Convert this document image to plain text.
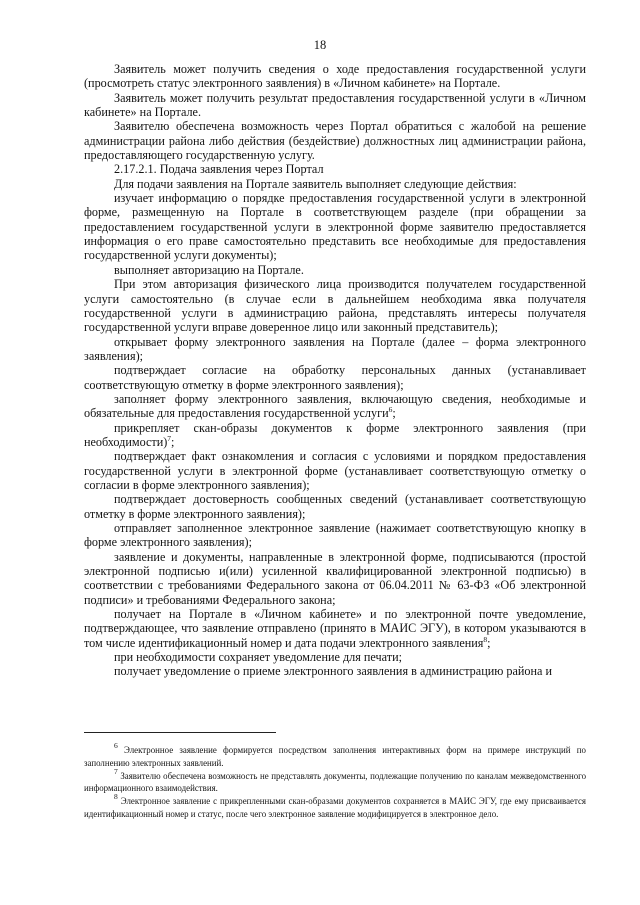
18

Заявитель может получить сведения о ходе предоставления государственной услуги (просмотреть статус электронного заявления) в «Личном кабинете» на Портале.

Заявитель может получить результат предоставления государственной услуги в «Личном кабинете» на Портале.

Заявителю обеспечена возможность через Портал обратиться с жалобой на решение администрации района либо действия (бездействие) должностных лиц администрации района, предоставляющего государственную услугу.

2.17.2.1. Подача заявления через Портал

Для подачи заявления на Портале заявитель выполняет следующие действия:

изучает информацию о порядке предоставления государственной услуги в электронной форме, размещенную на Портале в соответствующем разделе (при обращении за предоставлением государственной услуги в электронной форме заявителю предоставляется информация о его праве самостоятельно представить все необходимые для предоставления государственной услуги документы);

выполняет авторизацию на Портале.

При этом авторизация физического лица производится получателем государственной услуги самостоятельно (в случае если в дальнейшем необходима явка получателя государственной услуги в администрацию района, представлять интересы получателя государственной услуги вправе доверенное лицо или законный представитель);

открывает форму электронного заявления на Портале (далее – форма электронного заявления);

подтверждает согласие на обработку персональных данных (устанавливает соответствующую отметку в форме электронного заявления);

заполняет форму электронного заявления, включающую сведения, необходимые и обязательные для предоставления государственной услуги$^6$;

прикрепляет скан-образы документов к форме электронного заявления (при необходимости)$^7$;

подтверждает факт ознакомления и согласия с условиями и порядком предоставления государственной услуги в электронной форме (устанавливает соответствующую отметку о согласии в форме электронного заявления);

подтверждает достоверность сообщенных сведений (устанавливает соответствующую отметку в форме электронного заявления);

отправляет заполненное электронное заявление (нажимает соответствующую кнопку в форме электронного заявления);

заявление и документы, направленные в электронной форме, подписываются (простой электронной подписью и(или) усиленной квалифицированной электронной подписью) в соответствии с требованиями Федерального закона от 06.04.2011 № 63-ФЗ «Об электронной подписи» и требованиями Федерального закона;

получает на Портале в «Личном кабинете» и по электронной почте уведомление, подтверждающее, что заявление отправлено (принято в МАИС ЭГУ), в котором указываются в том числе идентификационный номер и дата подачи электронного заявления$^8$;

при необходимости сохраняет уведомление для печати;

получает уведомление о приеме электронного заявления в администрацию района и

$^6$ Электронное заявление формируется посредством заполнения интерактивных форм на примере инструкций по заполнению электронных заявлений.

$^7$ Заявителю обеспечена возможность не представлять документы, подлежащие получению по каналам межведомственного информационного взаимодействия.

$^8$ Электронное заявление с прикрепленными скан-образами документов сохраняется в МАИС ЭГУ, где ему присваивается идентификационный номер и статус, после чего электронное заявление модифицируется в электронное дело.
